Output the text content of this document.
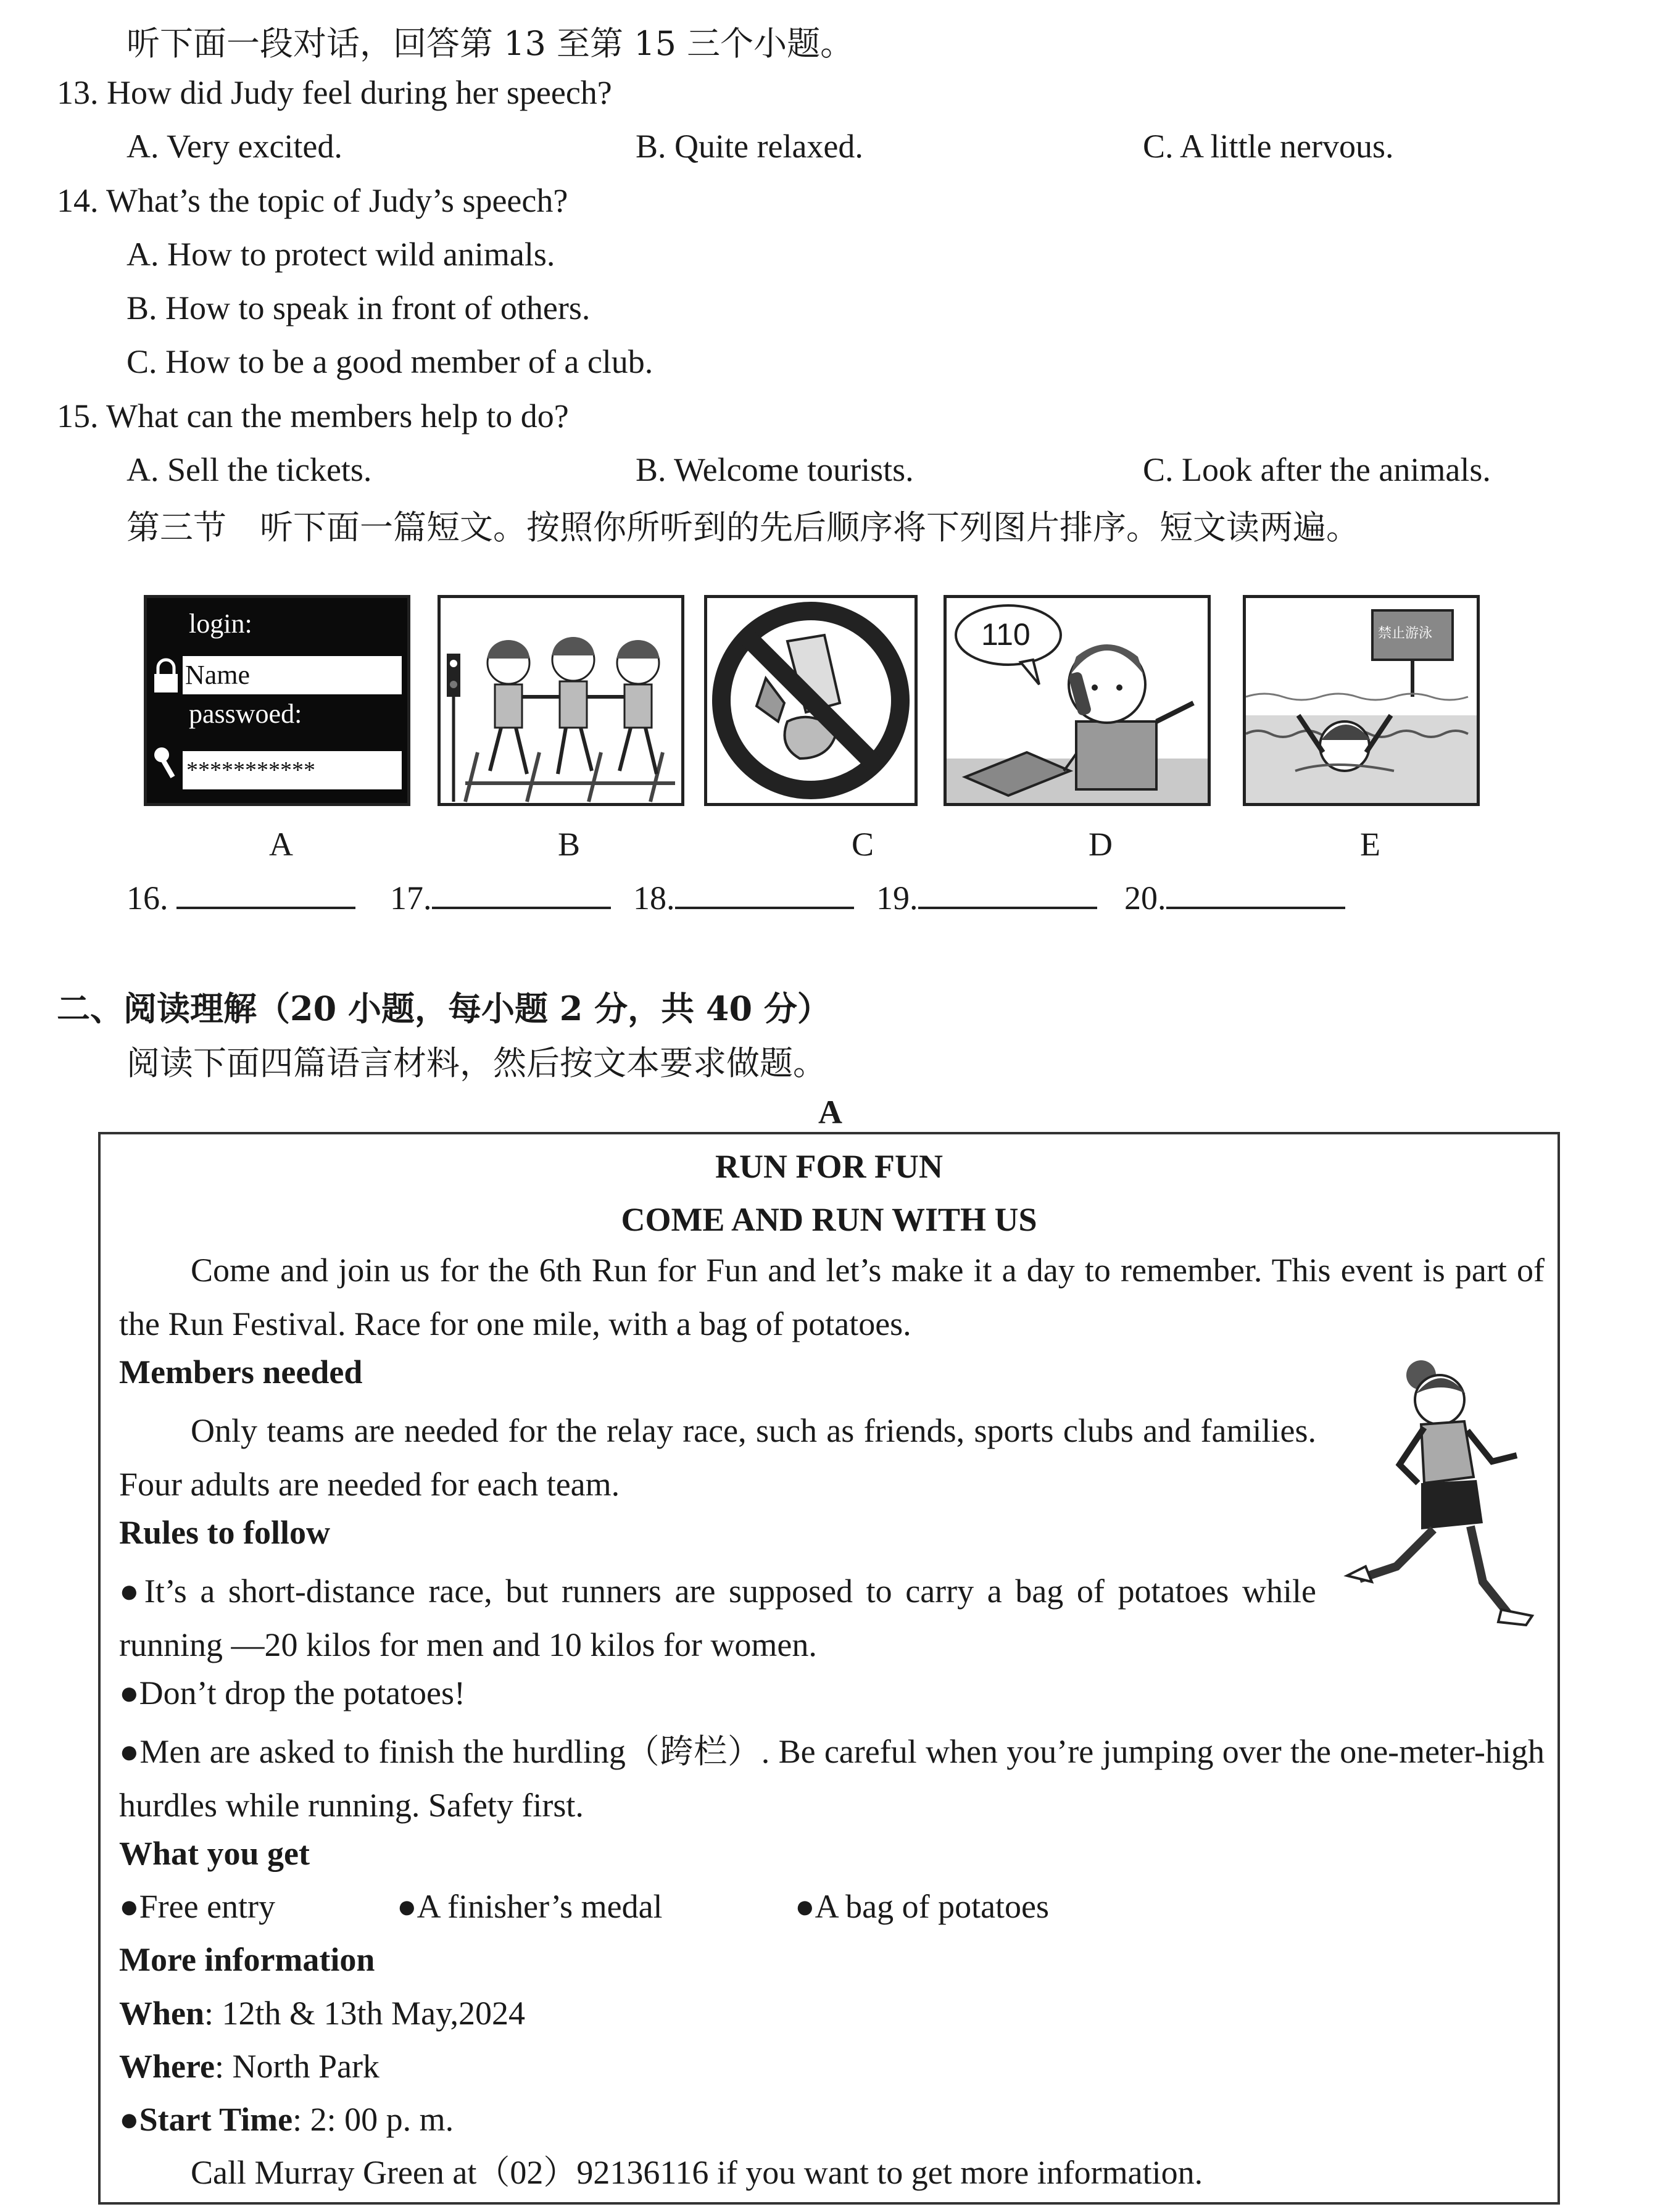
听下面一段对话，回答第 13 至第 15 三个小题。
13. How did Judy feel during her speech?
A. Very excited.	B. Quite relaxed.	C. A little nervous.
14. What’s the topic of Judy’s speech?
A. How to protect wild animals.
B. How to speak in front of others.
C. How to be a good member of a club.
15. What can the members help to do?
A. Sell the tickets.	B. Welcome tourists.	C. Look after the animals.
第三节　听下面一篇短文。按照你所听到的先后顺序将下列图片排序。短文读两遍。
login:
Name
passwoed:
***********
110	禁止游泳
A	B	C	D	E
16.	17.	18.	19.	20.
二、阅读理解（20 小题，每小题 2 分，共 40 分）
阅读下面四篇语言材料，然后按文本要求做题。
A
RUN FOR FUN
COME AND RUN WITH US
Come and join us for the 6th Run for Fun and let’s make it a day to remember. This event is part of the Run Festival. Race for one mile, with a bag of potatoes.
Members needed
Only teams are needed for the relay race, such as friends, sports clubs and families. Four adults are needed for each team.
Rules to follow
●It’s a short-distance race, but runners are supposed to carry a bag of potatoes while running —20 kilos for men and 10 kilos for women.
●Don’t drop the potatoes!
●Men are asked to finish the hurdling（跨栏）. Be careful when you’re jumping over the one-meter-high hurdles while running. Safety first.
What you get
●Free entry	●A finisher’s medal	●A bag of potatoes
More information
When: 12th & 13th May,2024
Where: North Park
●Start Time: 2: 00 p. m.
Call Murray Green at（02）92136116 if you want to get more information.
